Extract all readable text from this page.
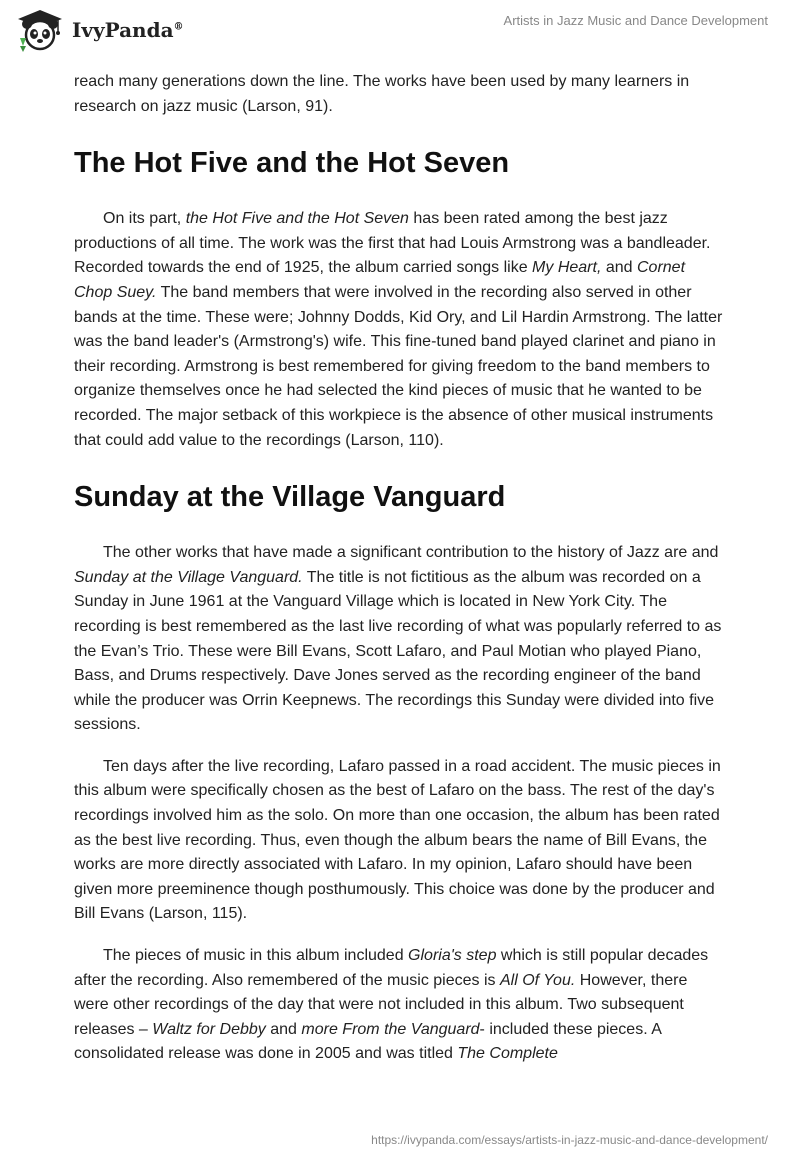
IvyPanda®	Artists in Jazz Music and Dance Development

reach many generations down the line. The works have been used by many learners in research on jazz music (Larson, 91).

The Hot Five and the Hot Seven

On its part, the Hot Five and the Hot Seven has been rated among the best jazz productions of all time. The work was the first that had Louis Armstrong was a bandleader. Recorded towards the end of 1925, the album carried songs like My Heart, and Cornet Chop Suey. The band members that were involved in the recording also served in other bands at the time. These were; Johnny Dodds, Kid Ory, and Lil Hardin Armstrong. The latter was the band leader's (Armstrong's) wife. This fine-tuned band played clarinet and piano in their recording. Armstrong is best remembered for giving freedom to the band members to organize themselves once he had selected the kind pieces of music that he wanted to be recorded. The major setback of this workpiece is the absence of other musical instruments that could add value to the recordings (Larson, 110).

Sunday at the Village Vanguard

The other works that have made a significant contribution to the history of Jazz are and Sunday at the Village Vanguard. The title is not fictitious as the album was recorded on a Sunday in June 1961 at the Vanguard Village which is located in New York City. The recording is best remembered as the last live recording of what was popularly referred to as the Evan’s Trio. These were Bill Evans, Scott Lafaro, and Paul Motian who played Piano, Bass, and Drums respectively. Dave Jones served as the recording engineer of the band while the producer was Orrin Keepnews. The recordings this Sunday were divided into five sessions.

Ten days after the live recording, Lafaro passed in a road accident. The music pieces in this album were specifically chosen as the best of Lafaro on the bass. The rest of the day's recordings involved him as the solo. On more than one occasion, the album has been rated as the best live recording. Thus, even though the album bears the name of Bill Evans, the works are more directly associated with Lafaro. In my opinion, Lafaro should have been given more preeminence though posthumously. This choice was done by the producer and Bill Evans (Larson, 115).

The pieces of music in this album included Gloria's step which is still popular decades after the recording. Also remembered of the music pieces is All Of You. However, there were other recordings of the day that were not included in this album. Two subsequent releases – Waltz for Debby and more From the Vanguard- included these pieces. A consolidated release was done in 2005 and was titled The Complete

https://ivypanda.com/essays/artists-in-jazz-music-and-dance-development/
